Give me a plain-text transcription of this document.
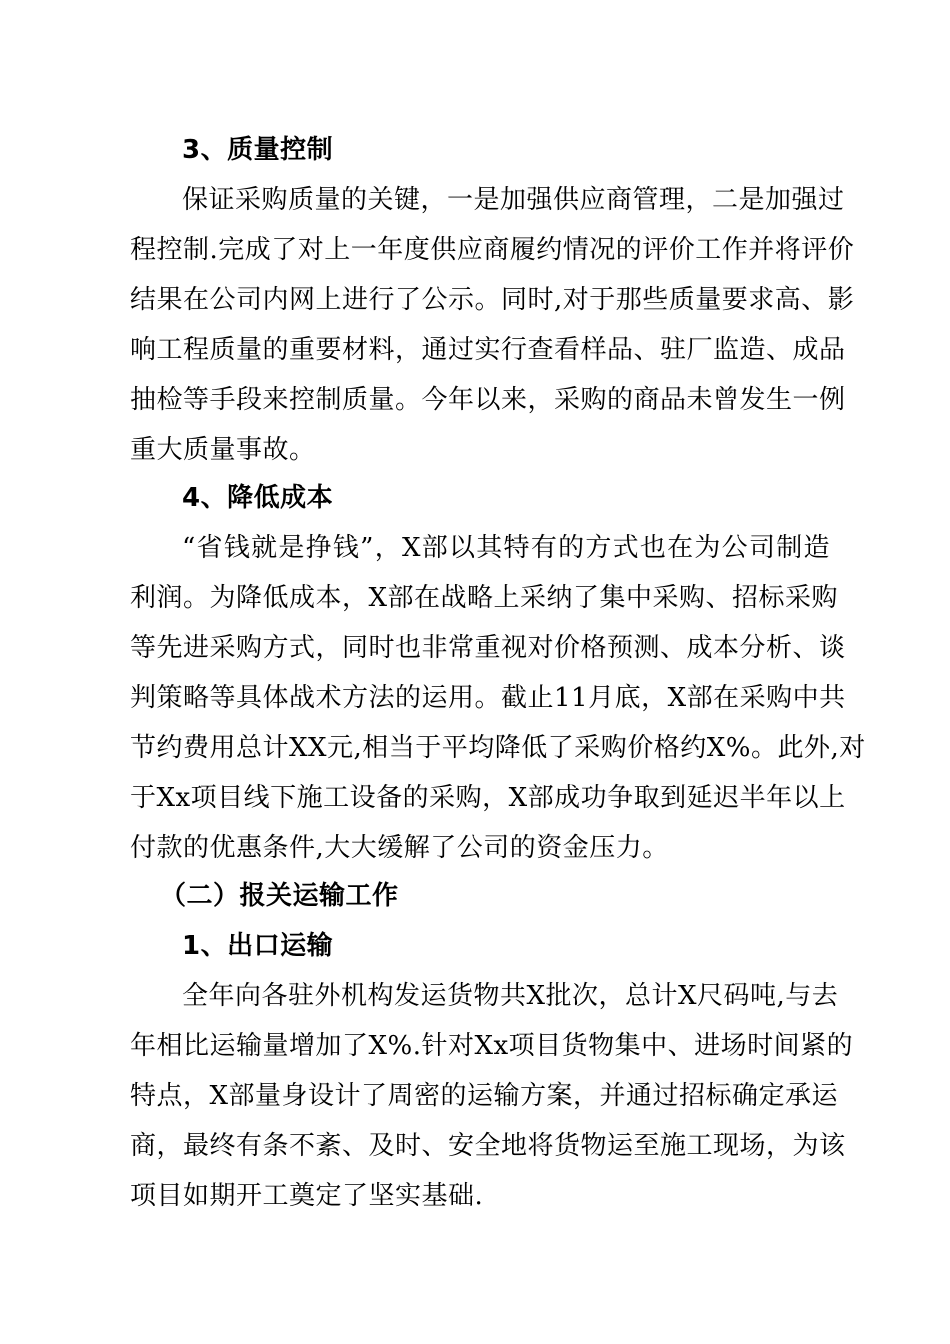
3、质量控制
保证采购质量的关键，一是加强供应商管理，二是加强过
程控制.完成了对上一年度供应商履约情况的评价工作并将评价
结果在公司内网上进行了公示。同时,对于那些质量要求高、影
响工程质量的重要材料，通过实行查看样品、驻厂监造、成品
抽检等手段来控制质量。今年以来，采购的商品未曾发生一例
重大质量事故。
4、降低成本
“省钱就是挣钱”，X部以其特有的方式也在为公司制造
利润。为降低成本，X部在战略上采纳了集中采购、招标采购
等先进采购方式，同时也非常重视对价格预测、成本分析、谈
判策略等具体战术方法的运用。截止11月底，X部在采购中共
节约费用总计XX元,相当于平均降低了采购价格约X%。此外,对
于Xx项目线下施工设备的采购，X部成功争取到延迟半年以上
付款的优惠条件,大大缓解了公司的资金压力。
（二）报关运输工作
1、出口运输
全年向各驻外机构发运货物共X批次，总计X尺码吨,与去
年相比运输量增加了X%.针对Xx项目货物集中、进场时间紧的
特点，X部量身设计了周密的运输方案，并通过招标确定承运
商，最终有条不紊、及时、安全地将货物运至施工现场，为该
项目如期开工奠定了坚实基础.
